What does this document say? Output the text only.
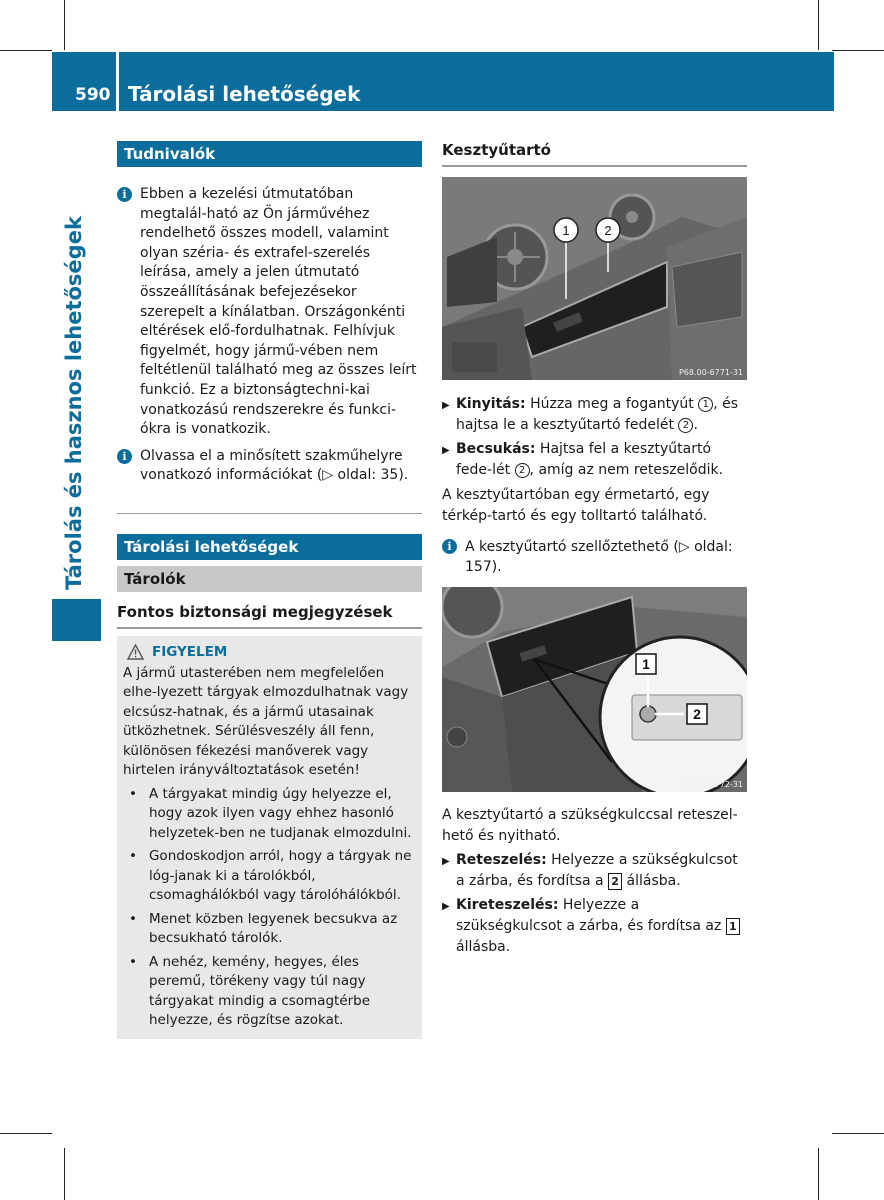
590 Tárolási lehetőségek
Tárolás és hasznos lehetőségek
Tudnivalók
i Ebben a kezelési útmutatóban megtalál-ható az Ön járművéhez rendelhető összes modell, valamint olyan széria- és extrafel-szerelés leírása, amely a jelen útmutató összeállításának befejezésekor szerepelt a kínálatban. Országonkénti eltérések elő-fordulhatnak. Felhívjuk figyelmét, hogy jármű-vében nem feltétlenül található meg az összes leírt funkció. Ez a biztonságtechni-kai vonatkozású rendszerekre és funkci-ókra is vonatkozik.
i Olvassa el a minősített szakműhelyre vonatkozó információkat (▷ oldal: 35).
Tárolási lehetőségek
Tárolók
Fontos biztonsági megjegyzések
FIGYELEM
A jármű utasterében nem megfelelően elhe-lyezett tárgyak elmozdulhatnak vagy elcsúsz-hatnak, és a jármű utasainak ütközhetnek. Sérülésveszély áll fenn, különösen fékezési manőverek vagy hirtelen irányváltoztatások esetén!
• A tárgyakat mindig úgy helyezze el, hogy azok ilyen vagy ehhez hasonló helyzetek-ben ne tudjanak elmozdulni.
• Gondoskodjon arról, hogy a tárgyak ne lóg-janak ki a tárolókból, csomaghálókból vagy tárolóhálókból.
• Menet közben legyenek becsukva az becsukható tárolók.
• A nehéz, kemény, hegyes, éles peremű, törékeny vagy túl nagy tárgyakat mindig a csomagtérbe helyezze, és rögzítse azokat.
Kesztyűtartó
1	2
P68.00-6771-31
▶ Kinyitás: Húzza meg a fogantyút 1 , és hajtsa le a kesztyűtartó fedelét 2 .
▶ Becsukás: Hajtsa fel a kesztyűtartó fede-lét 2 , amíg az nem reteszelődik.
A kesztyűtartóban egy érmetartó, egy térkép-tartó és egy tolltartó található.
i A kesztyűtartó szellőztethető (▷ oldal: 157).
1
2
P68.00-6772-31
A kesztyűtartó a szükségkulccsal reteszel-hető és nyitható.
▶ Reteszelés: Helyezze a szükségkulcsot a zárba, és fordítsa a 2 állásba.
▶ Kireteszelés: Helyezze a szükségkulcsot a zárba, és fordítsa az 1 állásba.
